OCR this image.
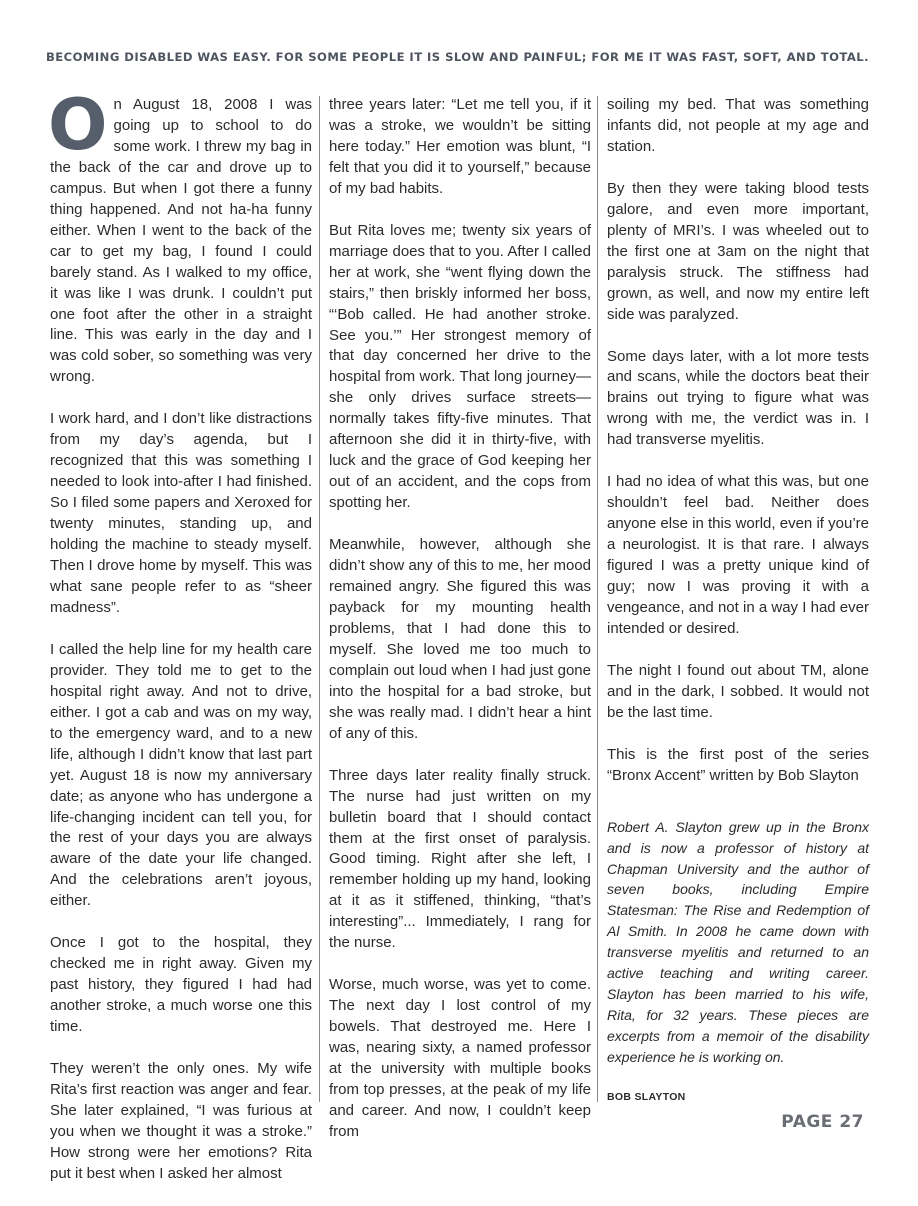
BECOMING DISABLED WAS EASY. FOR SOME PEOPLE IT IS SLOW AND PAINFUL; FOR ME IT WAS FAST, SOFT, AND TOTAL.

On August 18, 2008 I was going up to school to do some work. I threw my bag in the back of the car and drove up to campus. But when I got there a funny thing happened. And not ha-ha funny either. When I went to the back of the car to get my bag, I found I could barely stand. As I walked to my office, it was like I was drunk. I couldn’t put one foot after the other in a straight line. This was early in the day and I was cold sober, so something was very wrong.

I work hard, and I don’t like distractions from my day’s agenda, but I recognized that this was something I needed to look into-after I had finished. So I filed some papers and Xeroxed for twenty minutes, standing up, and holding the machine to steady myself. Then I drove home by myself. This was what sane people refer to as “sheer madness”.

I called the help line for my health care provider. They told me to get to the hospital right away. And not to drive, either. I got a cab and was on my way, to the emergency ward, and to a new life, although I didn’t know that last part yet. August 18 is now my anniversary date; as anyone who has undergone a life-changing incident can tell you, for the rest of your days you are always aware of the date your life changed. And the celebrations aren’t joyous, either.

Once I got to the hospital, they checked me in right away. Given my past history, they figured I had had another stroke, a much worse one this time.

They weren’t the only ones. My wife Rita’s first reaction was anger and fear. She later explained, “I was furious at you when we thought it was a stroke.” How strong were her emotions? Rita put it best when I asked her almost

three years later: “Let me tell you, if it was a stroke, we wouldn’t be sitting here today.” Her emotion was blunt, “I felt that you did it to yourself,” because of my bad habits.

But Rita loves me; twenty six years of marriage does that to you. After I called her at work, she “went flying down the stairs,” then briskly informed her boss, “‘Bob called. He had another stroke. See you.’” Her strongest memory of that day concerned her drive to the hospital from work. That long journey—she only drives surface streets—normally takes fifty-five minutes. That afternoon she did it in thirty-five, with luck and the grace of God keeping her out of an accident, and the cops from spotting her.

Meanwhile, however, although she didn’t show any of this to me, her mood remained angry. She figured this was payback for my mounting health problems, that I had done this to myself. She loved me too much to complain out loud when I had just gone into the hospital for a bad stroke, but she was really mad. I didn’t hear a hint of any of this.

Three days later reality finally struck. The nurse had just written on my bulletin board that I should contact them at the first onset of paralysis. Good timing. Right after she left, I remember holding up my hand, looking at it as it stiffened, thinking, “that’s interesting”... Immediately, I rang for the nurse.

Worse, much worse, was yet to come. The next day I lost control of my bowels. That destroyed me. Here I was, nearing sixty, a named professor at the university with multiple books from top presses, at the peak of my life and career. And now, I couldn’t keep from

soiling my bed. That was something infants did, not people at my age and station.

By then they were taking blood tests galore, and even more important, plenty of MRI’s. I was wheeled out to the first one at 3am on the night that paralysis struck. The stiffness had grown, as well, and now my entire left side was paralyzed.

Some days later, with a lot more tests and scans, while the doctors beat their brains out trying to figure what was wrong with me, the verdict was in. I had transverse myelitis.

I had no idea of what this was, but one shouldn’t feel bad. Neither does anyone else in this world, even if you’re a neurologist. It is that rare. I always figured I was a pretty unique kind of guy; now I was proving it with a vengeance, and not in a way I had ever intended or desired.

The night I found out about TM, alone and in the dark, I sobbed. It would not be the last time.

This is the first post of the series “Bronx Accent” written by Bob Slayton

Robert A. Slayton grew up in the Bronx and is now a professor of history at Chapman University and the author of seven books, including Empire Statesman: The Rise and Redemption of Al Smith. In 2008 he came down with transverse myelitis and returned to an active teaching and writing career. Slayton has been married to his wife, Rita, for 32 years. These pieces are excerpts from a memoir of the disability experience he is working on.

BOB SLAYTON

PAGE 27
